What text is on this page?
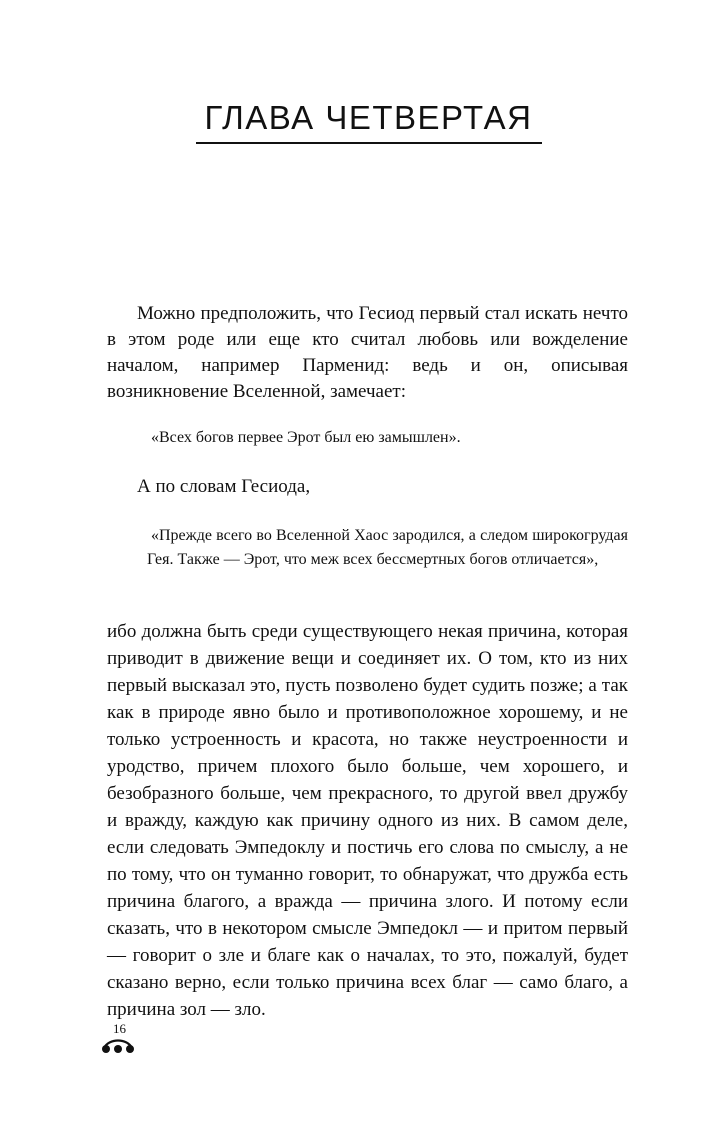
ГЛАВА ЧЕТВЕРТАЯ

Можно предположить, что Гесиод первый стал искать нечто в этом роде или еще кто считал любовь или вожделение началом, например Парменид: ведь и он, описывая возникновение Вселенной, замечает:

«Всех богов первее Эрот был ею замышлен».

А по словам Гесиода,

«Прежде всего во Вселенной Хаос зародился, а следом широкогрудая Гея. Также — Эрот, что меж всех бессмертных богов отличается»,

ибо должна быть среди существующего некая причина, которая приводит в движение вещи и соединяет их. О том, кто из них первый высказал это, пусть позволено будет судить позже; а так как в природе явно было и противоположное хорошему, и не только устроенность и красота, но также неустроенности и уродство, причем плохого было больше, чем хорошего, и безобразного больше, чем прекрасного, то другой ввел дружбу и вражду, каждую как причину одного из них. В самом деле, если следовать Эмпедоклу и постичь его слова по смыслу, а не по тому, что он туманно говорит, то обнаружат, что дружба есть причина благого, а вражда — причина злого. И потому если сказать, что в некотором смысле Эмпедокл — и притом первый — говорит о зле и благе как о началах, то это, пожалуй, будет сказано верно, если только причина всех благ — само благо, а причина зол — зло.

16
